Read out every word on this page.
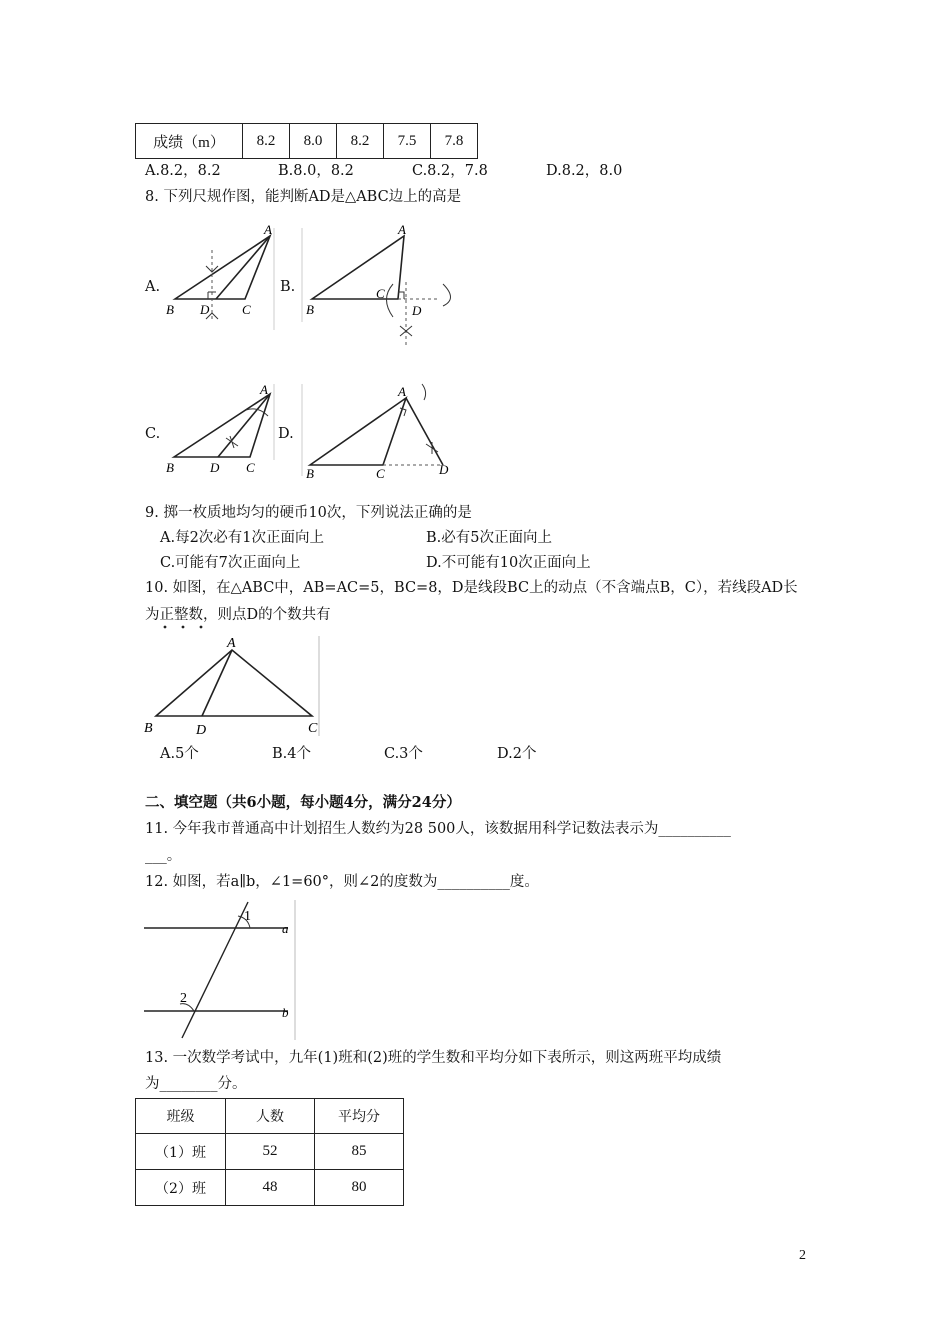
成绩（m）	8.2	8.0	8.2	7.5	7.8
A.8.2，8.2	B.8.0，8.2	C.8.2，7.8	D.8.2，8.0
8. 下列尺规作图，能判断AD是△ABC边上的高是
A.
A
B D	C
B.
A
B
C
D
C.
A
B	D C
D.
A
B	C	D
9. 掷一枚质地均匀的硬币10次，下列说法正确的是
A.每2次必有1次正面向上	B.必有5次正面向上
C.可能有7次正面向上	D.不可能有10次正面向上
10. 如图，在△ABC中，AB=AC=5，BC=8，D是线段BC上的动点（不含端点B，C），若线段AD长
为正整数，则点D的个数共有
A
B	D	C
A.5个	B.4个	C.3个	D.2个
二、填空题（共6小题，每小题4分，满分24分）
11. 今年我市普通高中计划招生人数约为28 500人，该数据用科学记数法表示为__________
___。
12. 如图，若a∥b，∠1=60°，则∠2的度数为__________度。
1
a
2
b
13. 一次数学考试中，九年(1)班和(2)班的学生数和平均分如下表所示，则这两班平均成绩
为________分。
班级	人数	平均分
（1）班	52	85
（2）班	48	80
2
